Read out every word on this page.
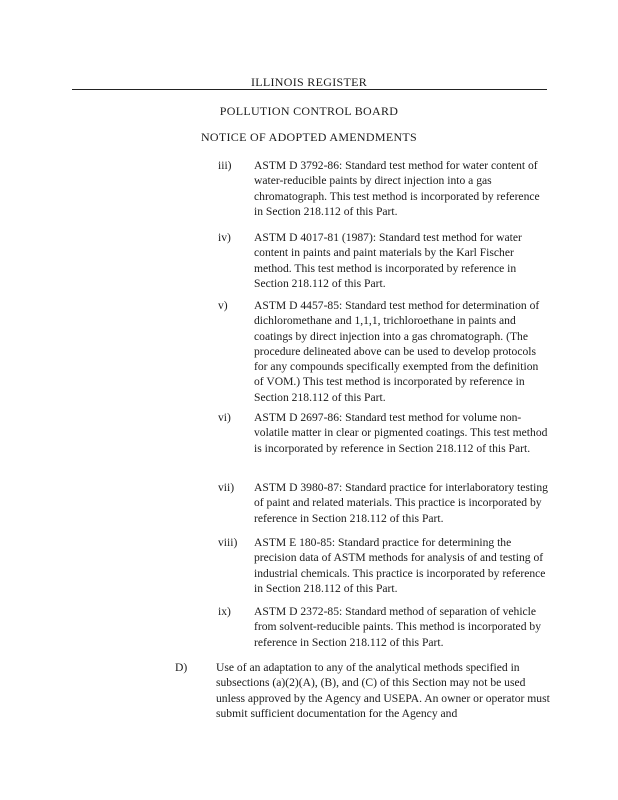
ILLINOIS REGISTER
POLLUTION CONTROL BOARD
NOTICE OF ADOPTED AMENDMENTS
iii)	ASTM D 3792-86: Standard test method for water content of water-reducible paints by direct injection into a gas chromatograph. This test method is incorporated by reference in Section 218.112 of this Part.
iv)	ASTM D 4017-81 (1987): Standard test method for water content in paints and paint materials by the Karl Fischer method. This test method is incorporated by reference in Section 218.112 of this Part.
v)	ASTM D 4457-85: Standard test method for determination of dichloromethane and 1,1,1, trichloroethane in paints and coatings by direct injection into a gas chromatograph. (The procedure delineated above can be used to develop protocols for any compounds specifically exempted from the definition of VOM.) This test method is incorporated by reference in Section 218.112 of this Part.
vi)	ASTM D 2697-86: Standard test method for volume non-volatile matter in clear or pigmented coatings. This test method is incorporated by reference in Section 218.112 of this Part.
vii)	ASTM D 3980-87: Standard practice for interlaboratory testing of paint and related materials. This practice is incorporated by reference in Section 218.112 of this Part.
viii)	ASTM E 180-85: Standard practice for determining the precision data of ASTM methods for analysis of and testing of industrial chemicals. This practice is incorporated by reference in Section 218.112 of this Part.
ix)	ASTM D 2372-85: Standard method of separation of vehicle from solvent-reducible paints. This method is incorporated by reference in Section 218.112 of this Part.
D)	Use of an adaptation to any of the analytical methods specified in subsections (a)(2)(A), (B), and (C) of this Section may not be used unless approved by the Agency and USEPA. An owner or operator must submit sufficient documentation for the Agency and
